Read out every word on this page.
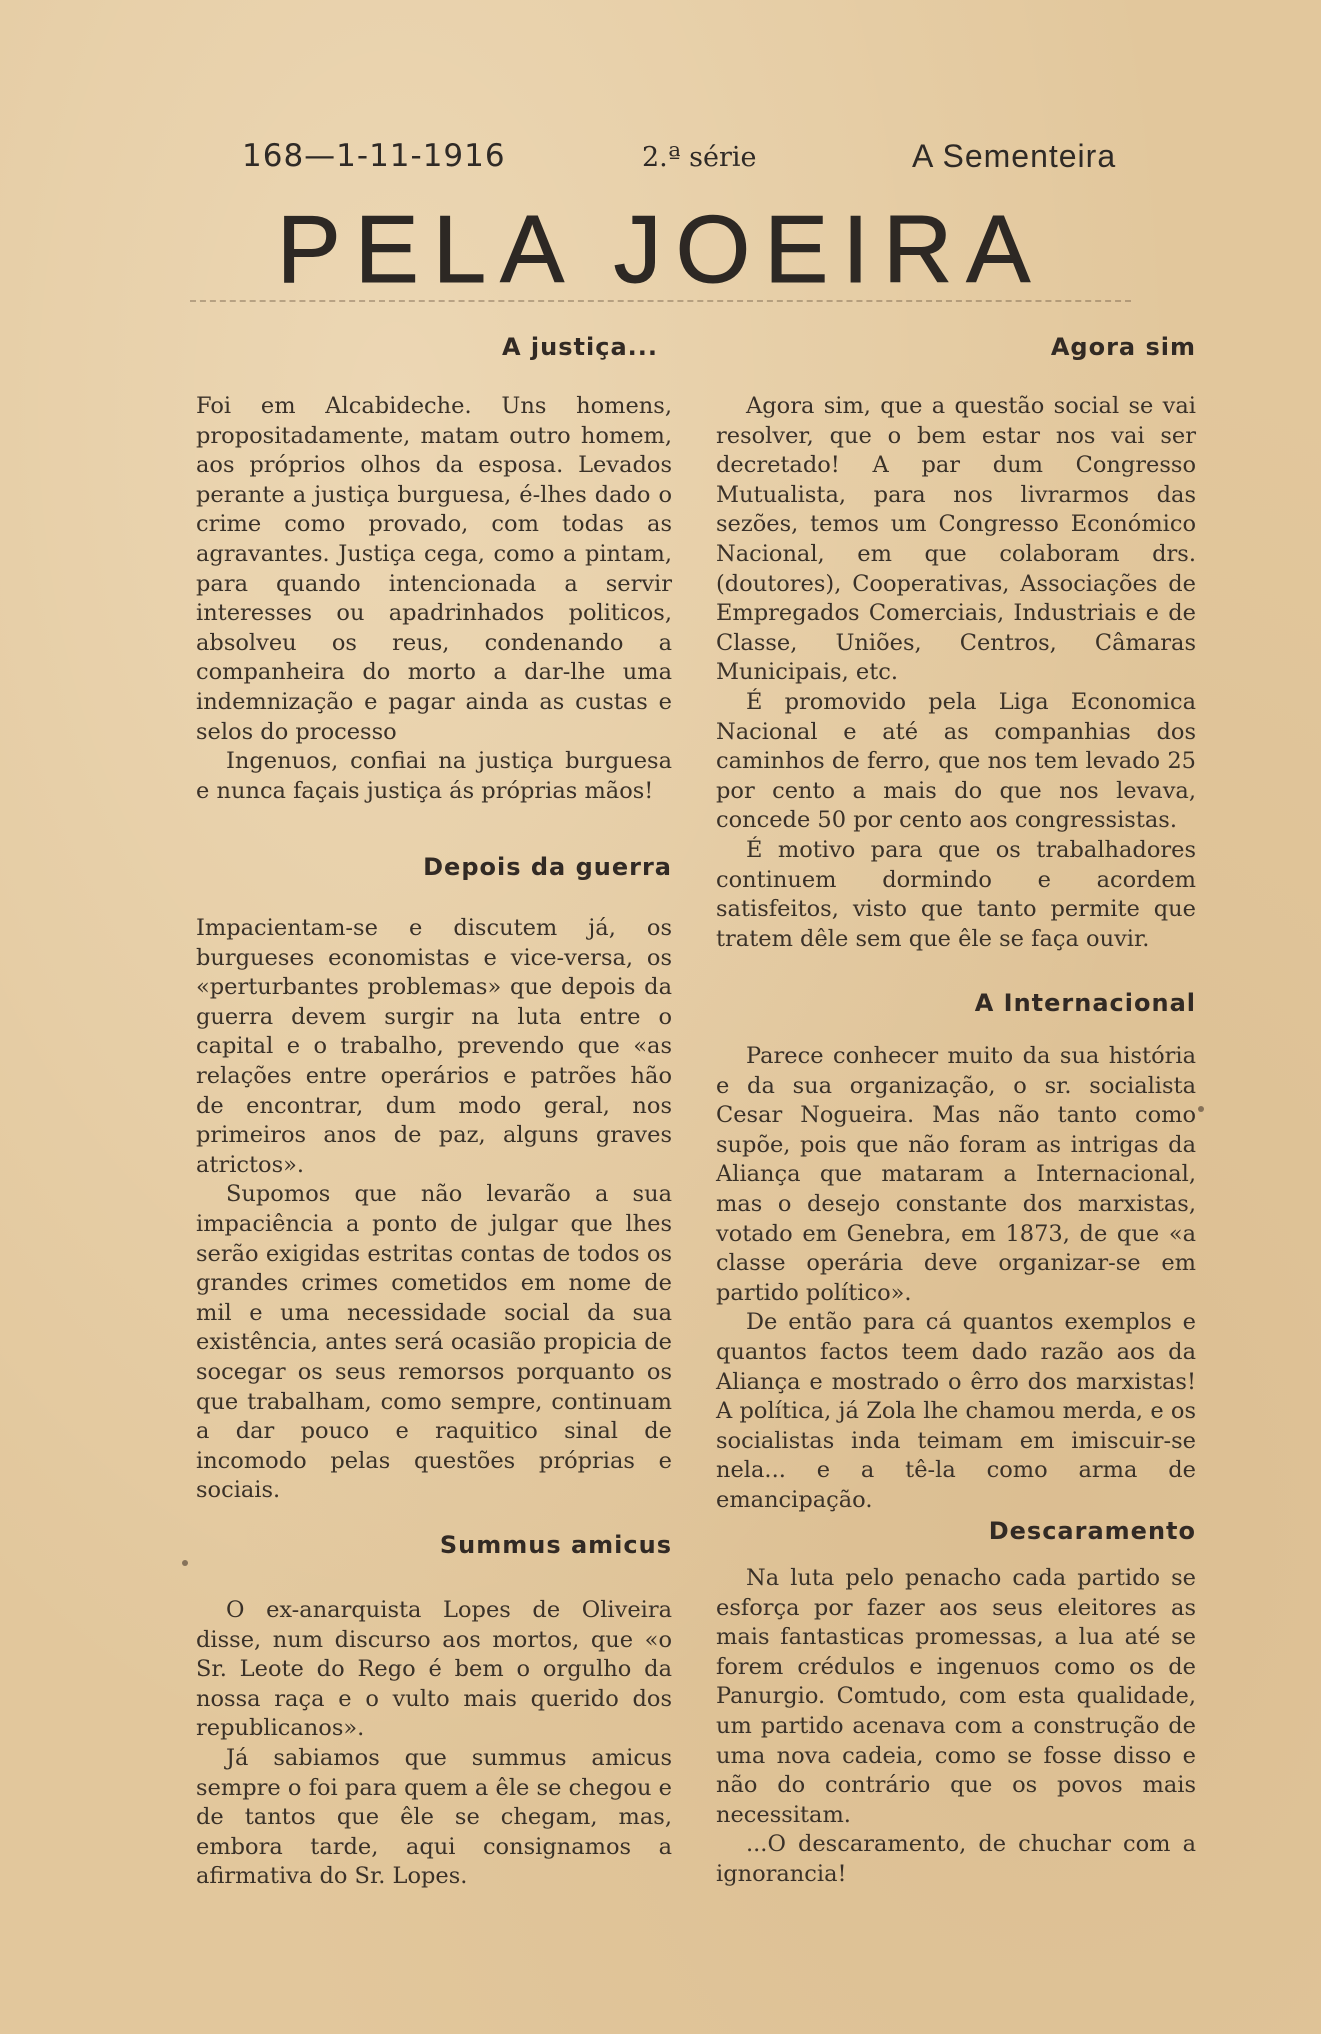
168—1-11-1916	2.ª série	A Sementeira
PELA JOEIRA
A justiça...

Foi em Alcabideche. Uns homens, propositadamente, matam outro homem, aos próprios olhos da esposa. Levados perante a justiça burguesa, é-lhes dado o crime como provado, com todas as agravantes. Justiça cega, como a pintam, para quando intencionada a servir interesses ou apadrinhados politicos, absolveu os reus, condenando a companheira do morto a dar-lhe uma indemnização e pagar ainda as custas e selos do processo

Ingenuos, confiai na justiça burguesa e nunca façais justiça ás próprias mãos!

Depois da guerra

Impacientam-se e discutem já, os burgueses economistas e vice-versa, os «perturbantes problemas» que depois da guerra devem surgir na luta entre o capital e o trabalho, prevendo que «as relações entre operários e patrões hão de encontrar, dum modo geral, nos primeiros anos de paz, alguns graves atrictos».

Supomos que não levarão a sua impaciência a ponto de julgar que lhes serão exigidas estritas contas de todos os grandes crimes cometidos em nome de mil e uma necessidade social da sua existência, antes será ocasião propicia de socegar os seus remorsos porquanto os que trabalham, como sempre, continuam a dar pouco e raquitico sinal de incomodo pelas questões próprias e sociais.

Summus amicus

O ex-anarquista Lopes de Oliveira disse, num discurso aos mortos, que «o Sr. Leote do Rego é bem o orgulho da nossa raça e o vulto mais querido dos republicanos».

Já sabiamos que summus amicus sempre o foi para quem a êle se chegou e de tantos que êle se chegam, mas, embora tarde, aqui consignamos a afirmativa do Sr. Lopes.

Agora sim

Agora sim, que a questão social se vai resolver, que o bem estar nos vai ser decretado! A par dum Congresso Mutualista, para nos livrarmos das sezões, temos um Congresso Económico Nacional, em que colaboram drs. (doutores), Cooperativas, Associações de Empregados Comerciais, Industriais e de Classe, Uniões, Centros, Câmaras Municipais, etc.

É promovido pela Liga Economica Nacional e até as companhias dos caminhos de ferro, que nos tem levado 25 por cento a mais do que nos levava, concede 50 por cento aos congressistas.

É motivo para que os trabalhadores continuem dormindo e acordem satisfeitos, visto que tanto permite que tratem dêle sem que êle se faça ouvir.

A Internacional

Parece conhecer muito da sua história e da sua organização, o sr. socialista Cesar Nogueira. Mas não tanto como supõe, pois que não foram as intrigas da Aliança que mataram a Internacional, mas o desejo constante dos marxistas, votado em Genebra, em 1873, de que «a classe operária deve organizar-se em partido político».

De então para cá quantos exemplos e quantos factos teem dado razão aos da Aliança e mostrado o êrro dos marxistas! A política, já Zola lhe chamou merda, e os socialistas inda teimam em imiscuir-se nela... e a tê-la como arma de emancipação.

Descaramento

Na luta pelo penacho cada partido se esforça por fazer aos seus eleitores as mais fantasticas promessas, a lua até se forem crédulos e ingenuos como os de Panurgio. Comtudo, com esta qualidade, um partido acenava com a construção de uma nova cadeia, como se fosse disso e não do contrário que os povos mais necessitam.

...O descaramento, de chuchar com a ignorancia!
